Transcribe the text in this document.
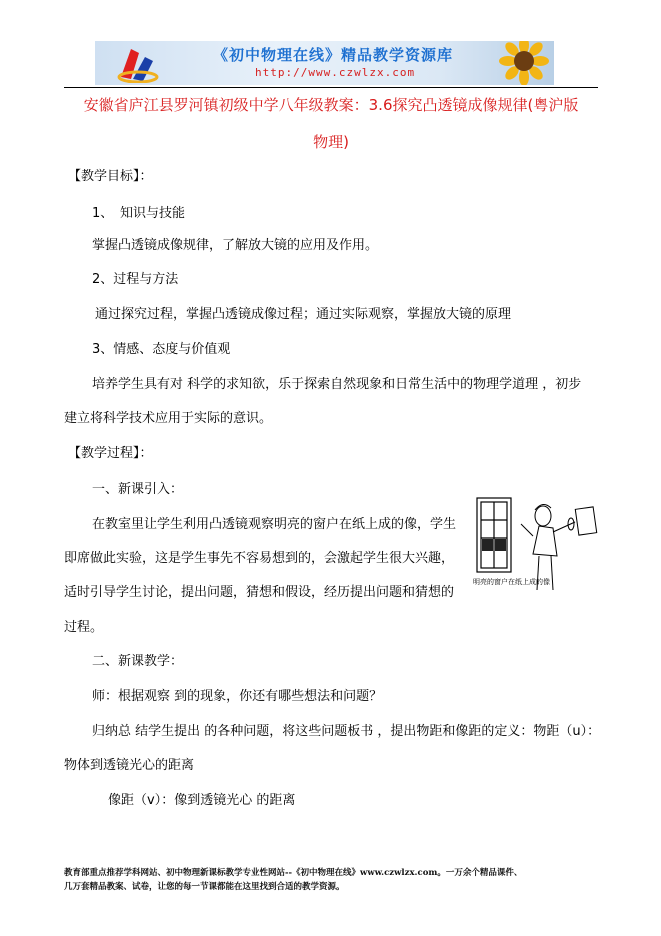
《初中物理在线》精品教学资源库
http://www.czwlzx.com
安徽省庐江县罗河镇初级中学八年级教案：3.6探究凸透镜成像规律(粤沪版
物理)
【教学目标】：
1、 知识与技能
掌握凸透镜成像规律，了解放大镜的应用及作用。
2、过程与方法
通过探究过程，掌握凸透镜成像过程；通过实际观察，掌握放大镜的原理
3、情感、态度与价值观
培养学生具有对 科学的求知欲，乐于探索自然现象和日常生活中的物理学道理 ，初步
建立将科学技术应用于实际的意识。
【教学过程】：
一、新课引入：
在教室里让学生利用凸透镜观察明亮的窗户在纸上成的像，学生
即席做此实验，这是学生事先不容易想到的，会激起学生很大兴趣，
适时引导学生讨论，提出问题，猜想和假设，经历提出问题和猜想的
过程。
二、新课教学：
师：根据观察 到的现象，你还有哪些想法和问题？
归纳总 结学生提出 的各种问题，将这些问题板书 ，提出物距和像距的定义：物距（u）：
物体到透镜光心的距离
像距（v）：像到透镜光心 的距离
明亮的窗户在纸上成的像
教育部重点推荐学科网站、初中物理新课标教学专业性网站--《初中物理在线》www.czwlzx.com。一万余个精品课件、
几万套精品教案、试卷，让您的每一节课都能在这里找到合适的教学资源。
